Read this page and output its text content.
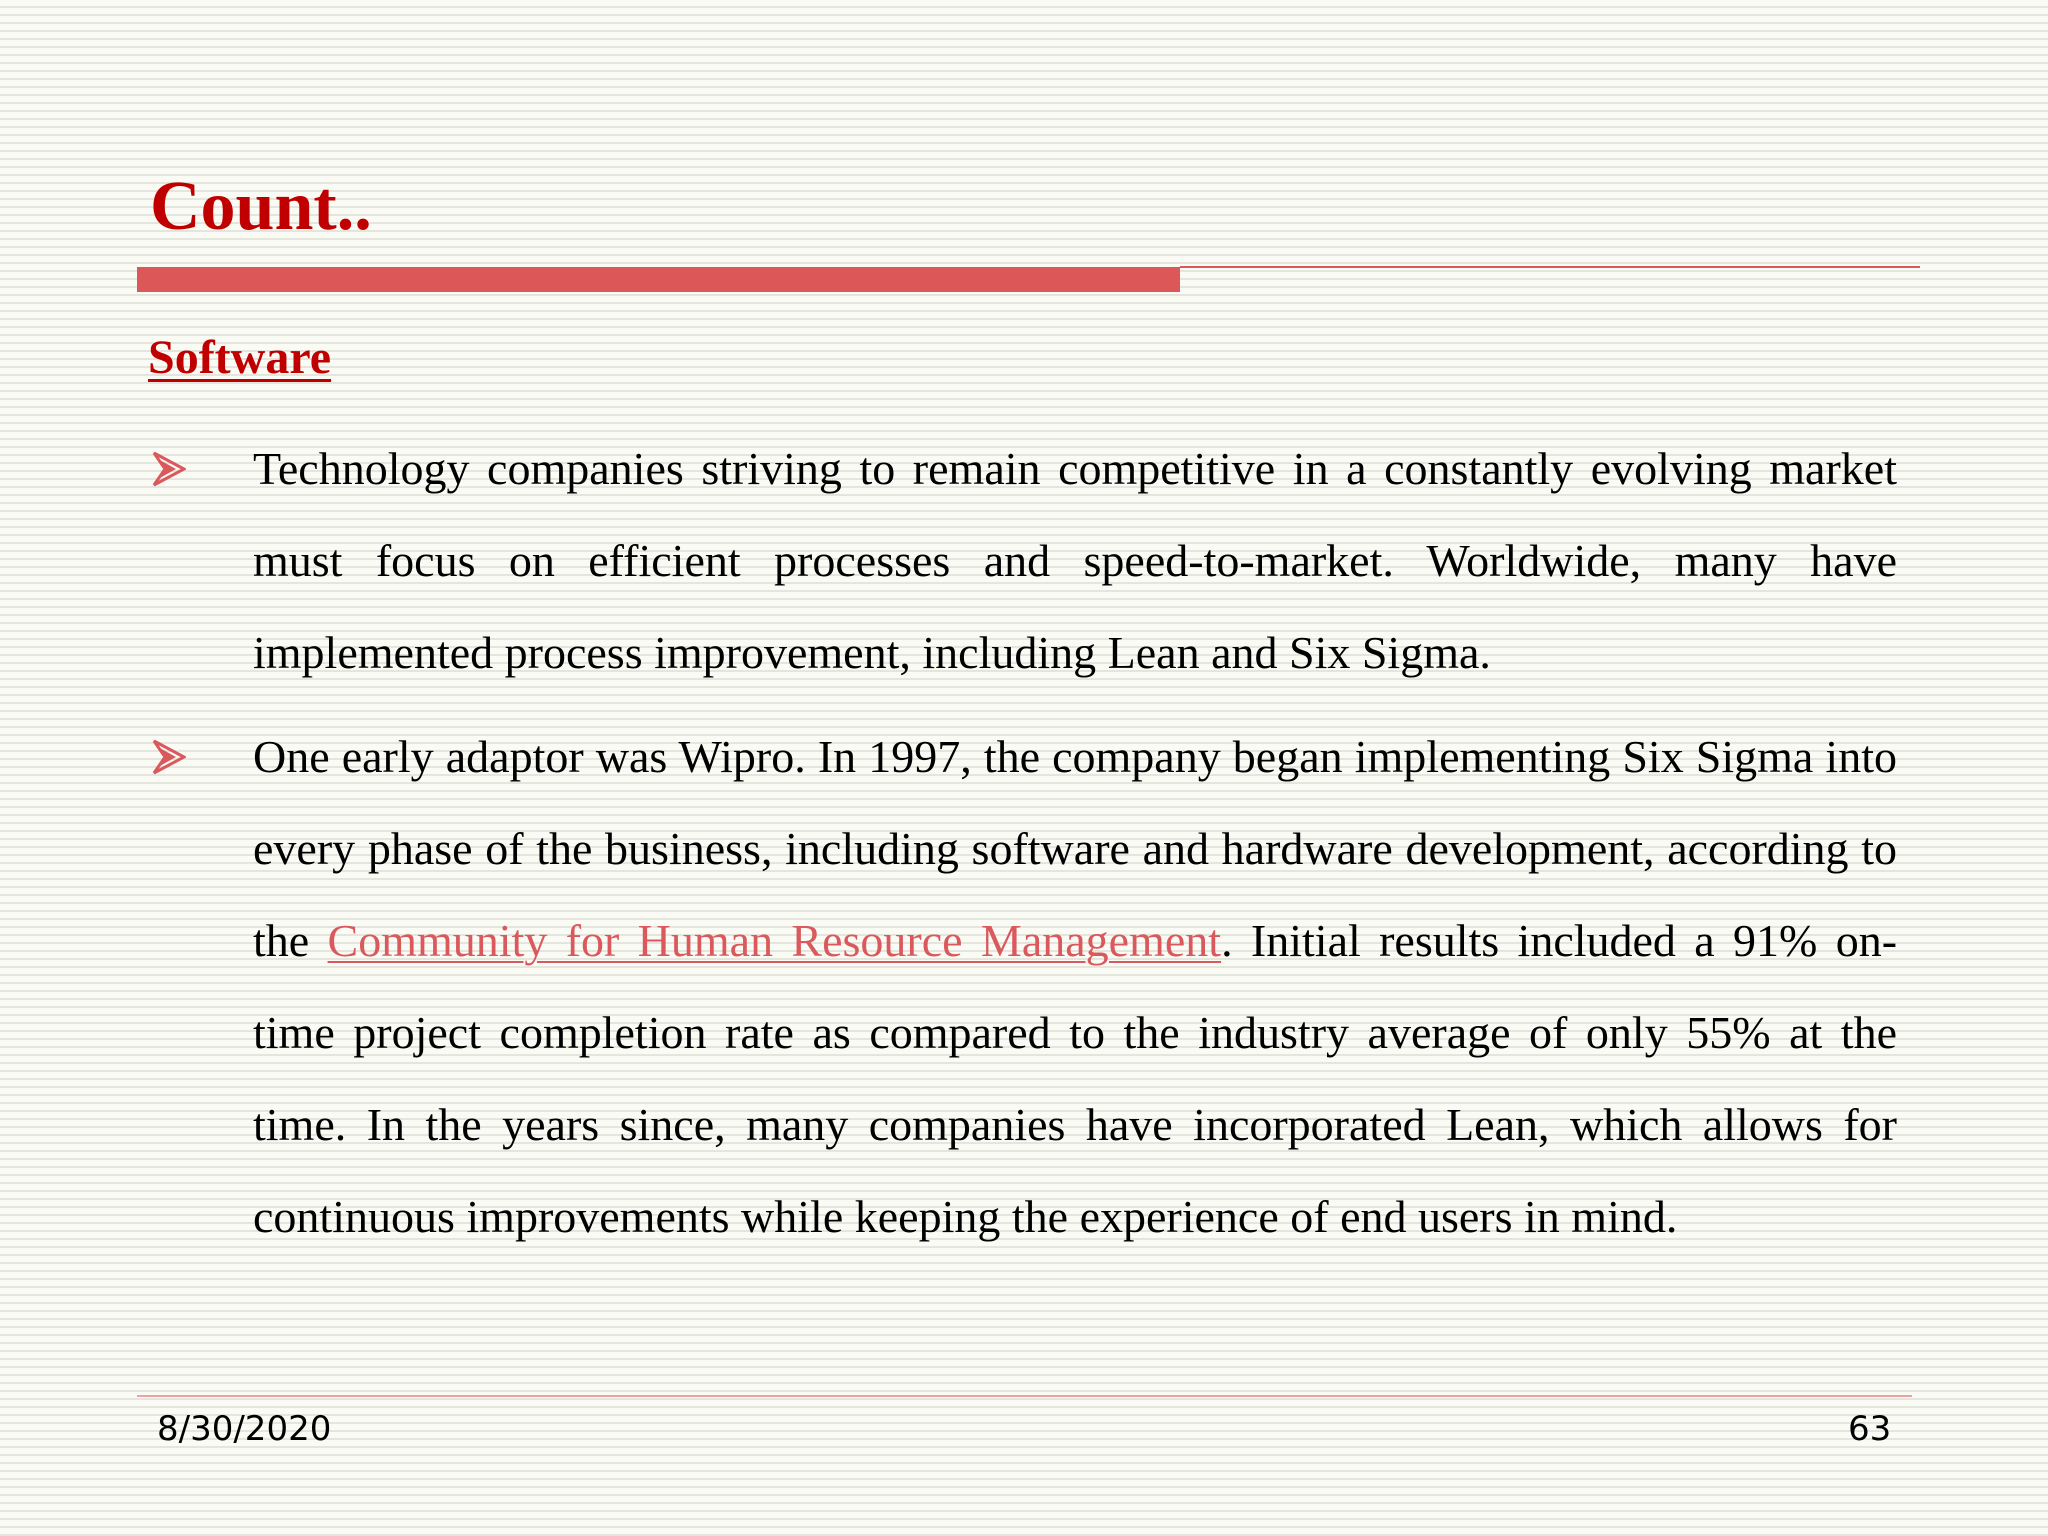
Count..
Software

Technology companies striving to remain competitive in a constantly evolving market must focus on efficient processes and speed-to-market. Worldwide, many have implemented process improvement, including Lean and Six Sigma.

One early adaptor was Wipro. In 1997, the company began implementing Six Sigma into every phase of the business, including software and hardware development, according to the Community for Human Resource Management. Initial results included a 91% on-time project completion rate as compared to the industry average of only 55% at the time. In the years since, many companies have incorporated Lean, which allows for continuous improvements while keeping the experience of end users in mind.

8/30/2020	63
